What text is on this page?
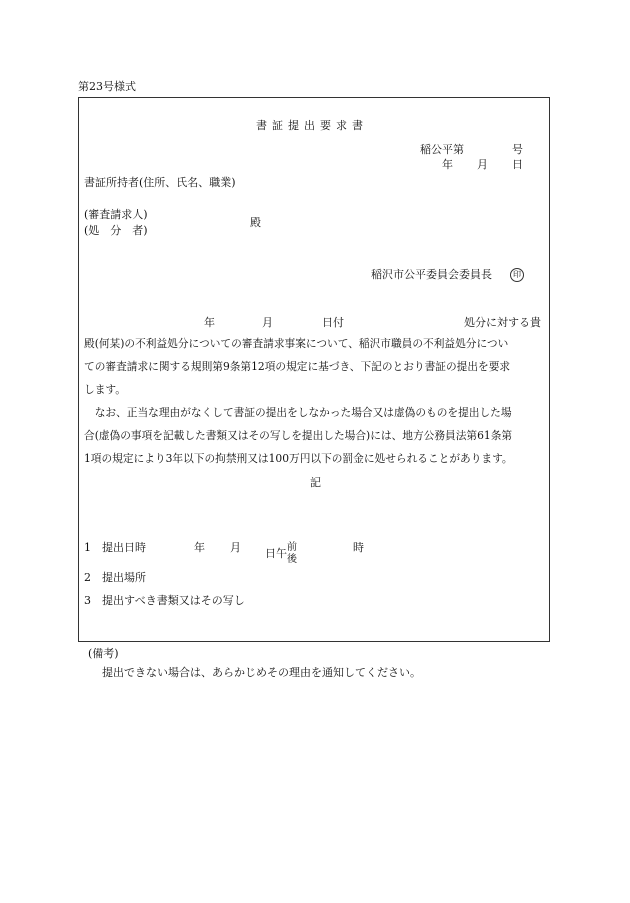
第23号様式
書証提出要求書
稲公平第	号
年 月 日
書証所持者(住所、氏名、職業)
(審査請求人)
(処　分　者)
殿
稲沢市公平委員会委員長	印
年	月	日付	処分に対する貴
殿(何某)の不利益処分についての審査請求事案について、稲沢市職員の不利益処分につい
ての審査請求に関する規則第9条第12項の規定に基づき、下記のとおり書証の提出を要求
します。
　なお、正当な理由がなくして書証の提出をしなかった場合又は虚偽のものを提出した場
合(虚偽の事項を記載した書類又はその写しを提出した場合)には、地方公務員法第61条第
1項の規定により3年以下の拘禁刑又は100万円以下の罰金に処せられることがあります。
記
1　提出日時	年 月 日午前
後
時
2　提出場所
3　提出すべき書類又はその写し
(備考)
提出できない場合は、あらかじめその理由を通知してください。
